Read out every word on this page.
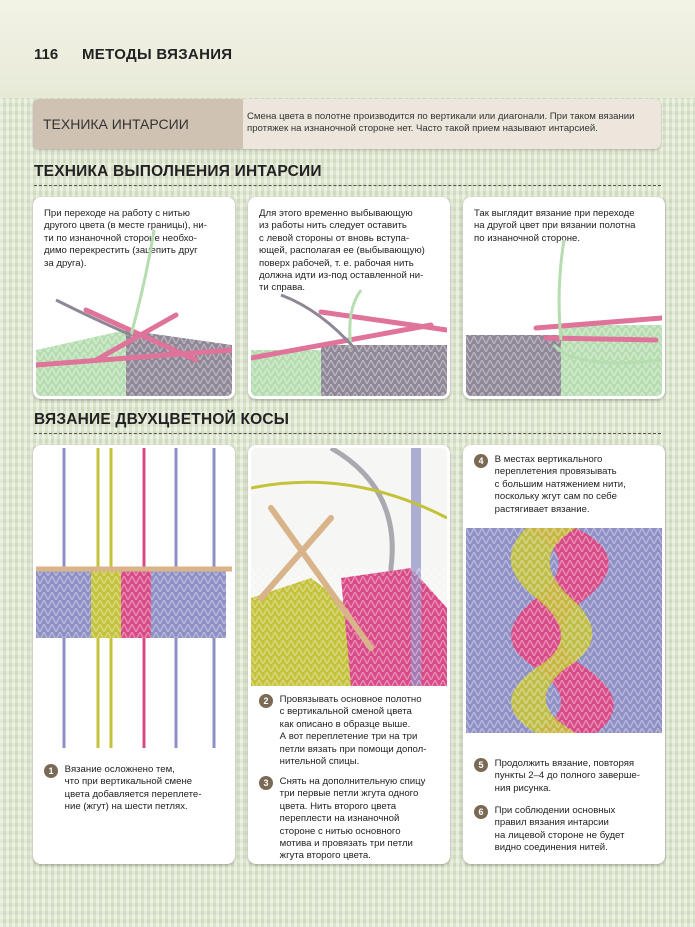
116 МЕТОДЫ ВЯЗАНИЯ
ТЕХНИКА ИНТАРСИИ	Смена цвета в полотне производится по вертикали или диагонали. При таком вязании
протяжек на изнаночной стороне нет. Часто такой прием называют интарсией.
ТЕХНИКА ВЫПОЛНЕНИЯ ИНТАРСИИ
При переходе на работу с нитью
другого цвета (в месте границы), ни-
ти по изнаночной стороне необхо-
димо перекрестить (зацепить друг
за друга).
Для этого временно выбывающую
из работы нить следует оставить
с левой стороны от вновь вступа-
ющей, располагая ее (выбывающую)
поверх рабочей, т. е. рабочая нить
должна идти из-под оставленной ни-
ти справа.
Так выглядит вязание при переходе
на другой цвет при вязании полотна
по изнаночной стороне.
ВЯЗАНИЕ ДВУХЦВЕТНОЙ КОСЫ
1 Вязание осложнено тем,
что при вертикальной смене
цвета добавляется переплете-
ние (жгут) на шести петлях.
2 Провязывать основное полотно
с вертикальной сменой цвета
как описано в образце выше.
А вот переплетение три на три
петли вязать при помощи допол-
нительной спицы.
3 Снять на дополнительную спицу
три первые петли жгута одного
цвета. Нить второго цвета
переплести на изнаночной
стороне с нитью основного
мотива и провязать три петли
жгута второго цвета.
4 В местах вертикального
переплетения провязывать
с большим натяжением нити,
поскольку жгут сам по себе
растягивает вязание.
5 Продолжить вязание, повторяя
пункты 2–4 до полного заверше-
ния рисунка.
6 При соблюдении основных
правил вязания интарсии
на лицевой стороне не будет
видно соединения нитей.
